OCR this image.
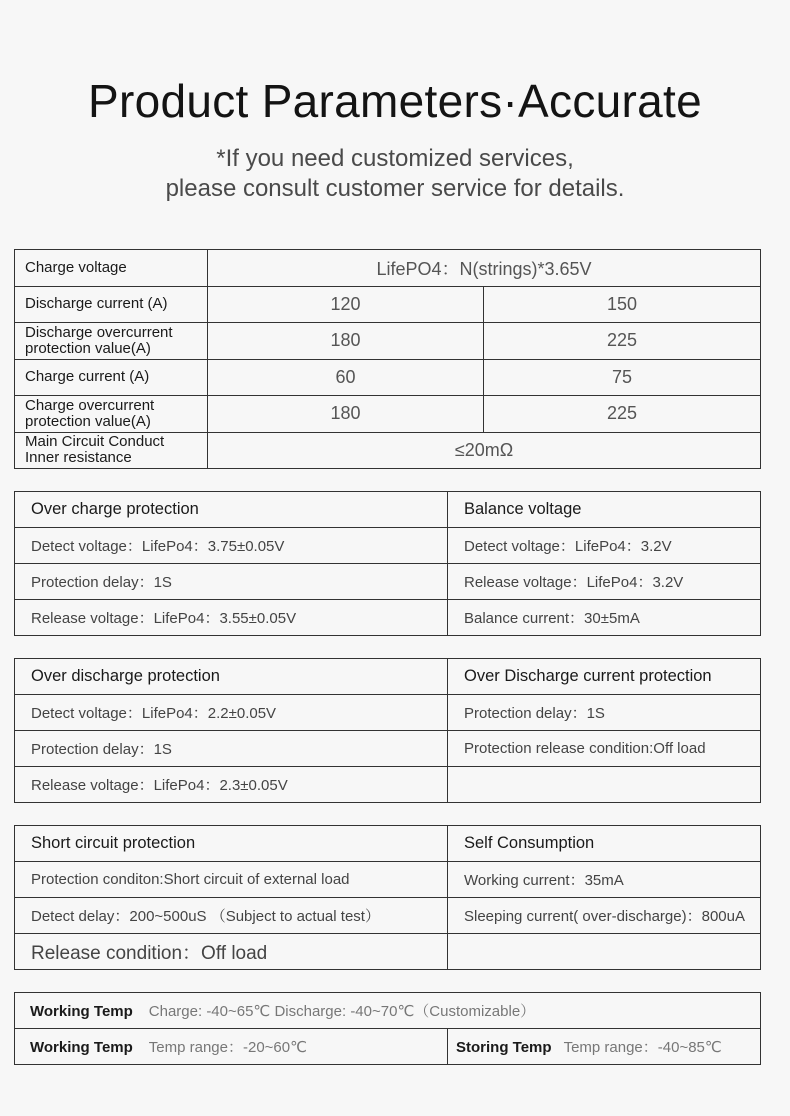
Product Parameters·Accurate
*If you need customized services,
please consult customer service for details.
Charge voltage	LifePO4：N(strings)*3.65V	
Discharge current (A)	120	150

Discharge overcurrent
protection value(A)	180	225
Charge current (A)	60	75

Charge overcurrent
protection value(A)	180	225

Main Circuit Conduct
Inner resistance	≤20mΩ	
Over charge protection	Balance voltage
Detect voltage：LifePo4：3.75±0.05V	Detect voltage：LifePo4：3.2V
Protection delay：1S	Release voltage：LifePo4：3.2V
Release voltage：LifePo4：3.55±0.05V	Balance current：30±5mA
Over discharge protection	Over Discharge current protection
Detect voltage：LifePo4：2.2±0.05V	Protection delay：1S
Protection delay：1S	Protection release condition:Off load
Release voltage：LifePo4：2.3±0.05V	
Short circuit protection	Self Consumption
Protection conditon:Short circuit of external load	Working current：35mA
Detect delay：200~500uS （Subject to actual test）	Sleeping current( over-discharge)：800uA
Release condition：Off load	
Working Temp Charge: -40~65℃ Discharge: -40~70℃（Customizable）
Working Temp Temp range：-20~60℃	Storing Temp Temp range：-40~85℃
